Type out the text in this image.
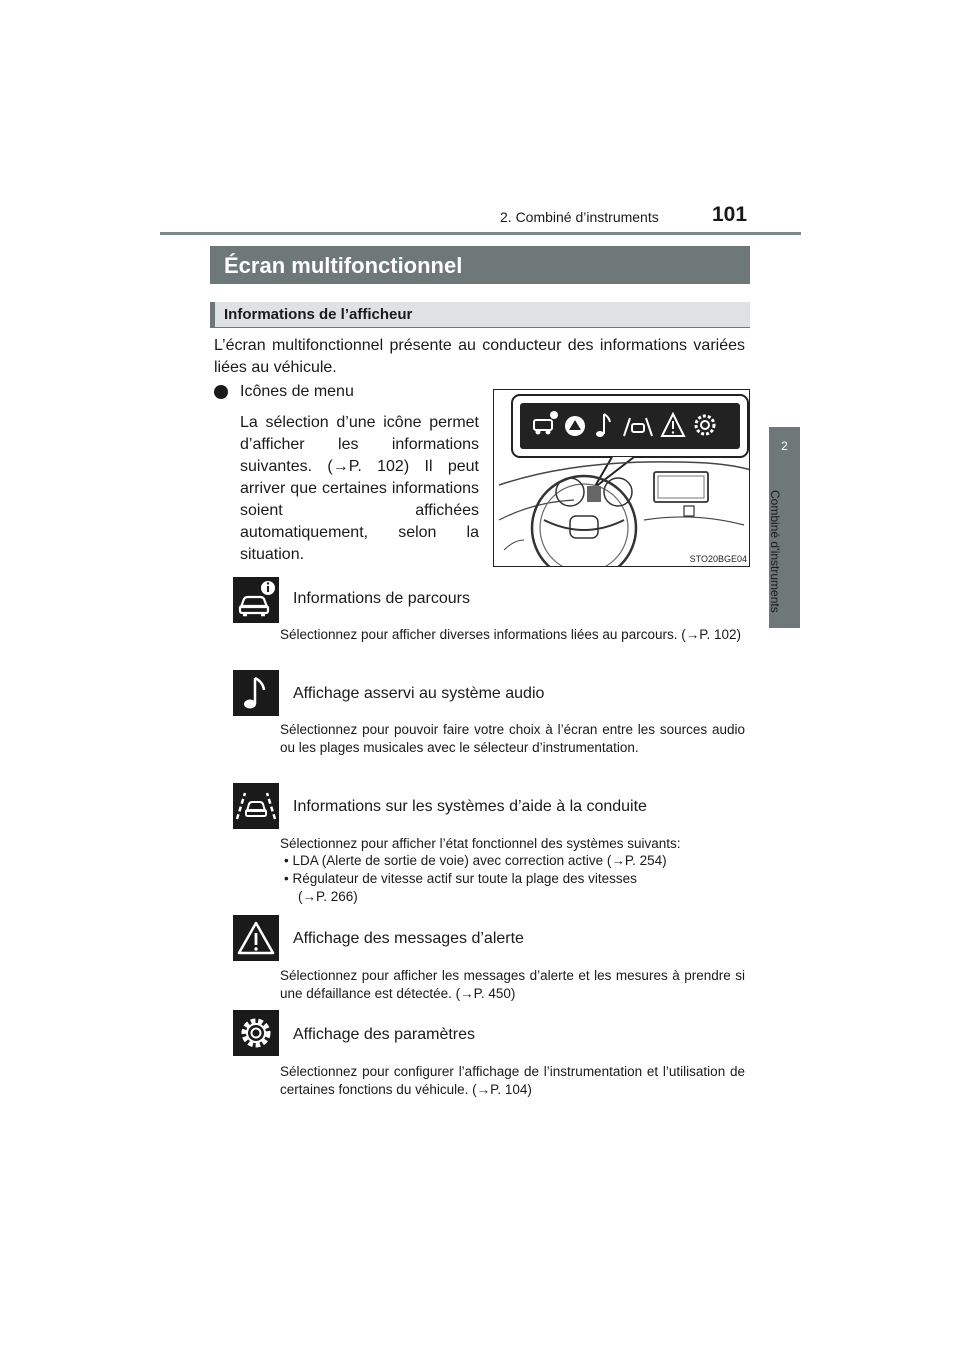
2. Combiné d’instruments	101
2
Combiné d’instruments
Écran multifonctionnel
Informations de l’afficheur
L’écran multifonctionnel présente au conducteur des informations variées liées au véhicule.
Icônes de menu
La sélection d’une icône permet d’afficher les informations suivantes. (→P. 102) Il peut arriver que certaines informations soient affichées automatiquement, selon la situation.	STO20BGE04
Informations de parcours
Sélectionnez pour afficher diverses informations liées au parcours. (→P. 102)
Affichage asservi au système audio
Sélectionnez pour pouvoir faire votre choix à l’écran entre les sources audio ou les plages musicales avec le sélecteur d’instrumentation.
Informations sur les systèmes d’aide à la conduite
Sélectionnez pour afficher l’état fonctionnel des systèmes suivants:
• LDA (Alerte de sortie de voie) avec correction active (→P. 254)
• Régulateur de vitesse actif sur toute la plage des vitesses
(→P. 266)
Affichage des messages d’alerte
Sélectionnez pour afficher les messages d’alerte et les mesures à prendre si une défaillance est détectée. (→P. 450)
Affichage des paramètres
Sélectionnez pour configurer l’affichage de l’instrumentation et l’utilisation de certaines fonctions du véhicule. (→P. 104)
